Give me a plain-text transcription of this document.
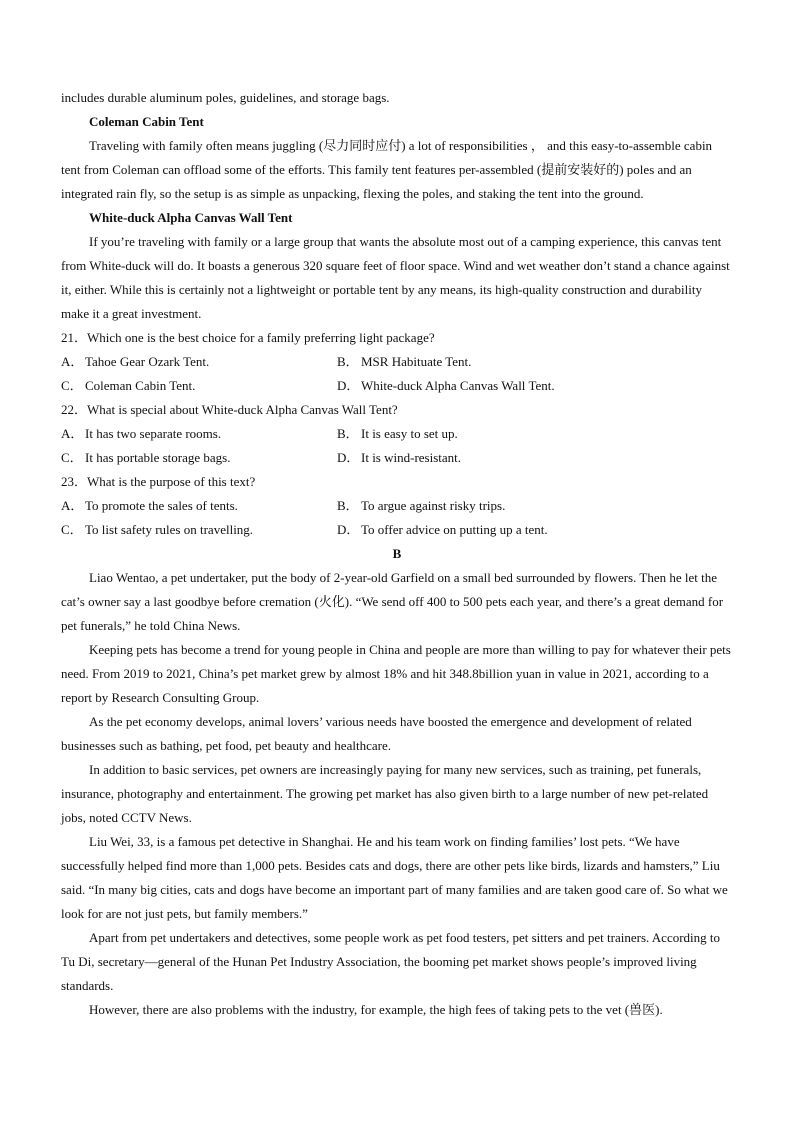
includes durable aluminum poles, guidelines, and storage bags.
Coleman Cabin Tent

Traveling with family often means juggling (尽力同时应付) a lot of responsibilities ， and this easy-to-assemble cabin tent from Coleman can offload some of the efforts. This family tent features per-assembled (提前安装好的) poles and an integrated rain fly, so the setup is as simple as unpacking, flexing the poles, and staking the tent into the ground.

White-duck Alpha Canvas Wall Tent

If you’re traveling with family or a large group that wants the absolute most out of a camping experience, this canvas tent from White-duck will do. It boasts a generous 320 square feet of floor space. Wind and wet weather don’t stand a chance against it, either. While this is certainly not a lightweight or portable tent by any means, its high-quality construction and durability make it a great investment.

21．Which one is the best choice for a family preferring light package?
A． Tahoe Gear Ozark Tent.	B． MSR Habituate Tent.
C． Coleman Cabin Tent.	D． White-duck Alpha Canvas Wall Tent.
22．What is special about White-duck Alpha Canvas Wall Tent?
A． It has two separate rooms.	B． It is easy to set up.
C． It has portable storage bags.	D． It is wind-resistant.
23．What is the purpose of this text?
A． To promote the sales of tents.	B． To argue against risky trips.
C． To list safety rules on travelling.	D． To offer advice on putting up a tent.
B

Liao Wentao, a pet undertaker, put the body of 2-year-old Garfield on a small bed surrounded by flowers. Then he let the cat’s owner say a last goodbye before cremation (火化). “We send off 400 to 500 pets each year, and there’s a great demand for pet funerals,” he told China News.

Keeping pets has become a trend for young people in China and people are more than willing to pay for whatever their pets need. From 2019 to 2021, China’s pet market grew by almost 18% and hit 348.8billion yuan in value in 2021, according to a report by Research Consulting Group.

As the pet economy develops, animal lovers’ various needs have boosted the emergence and development of related businesses such as bathing, pet food, pet beauty and healthcare.

In addition to basic services, pet owners are increasingly paying for many new services, such as training, pet funerals, insurance, photography and entertainment. The growing pet market has also given birth to a large number of new pet-related jobs, noted CCTV News.

Liu Wei, 33, is a famous pet detective in Shanghai. He and his team work on finding families’ lost pets. “We have successfully helped find more than 1,000 pets. Besides cats and dogs, there are other pets like birds, lizards and hamsters,” Liu said. “In many big cities, cats and dogs have become an important part of many families and are taken good care of. So what we look for are not just pets, but family members.”

Apart from pet undertakers and detectives, some people work as pet food testers, pet sitters and pet trainers. According to Tu Di, secretary—general of the Hunan Pet Industry Association, the booming pet market shows people’s improved living standards.

However, there are also problems with the industry, for example, the high fees of taking pets to the vet (兽医).
